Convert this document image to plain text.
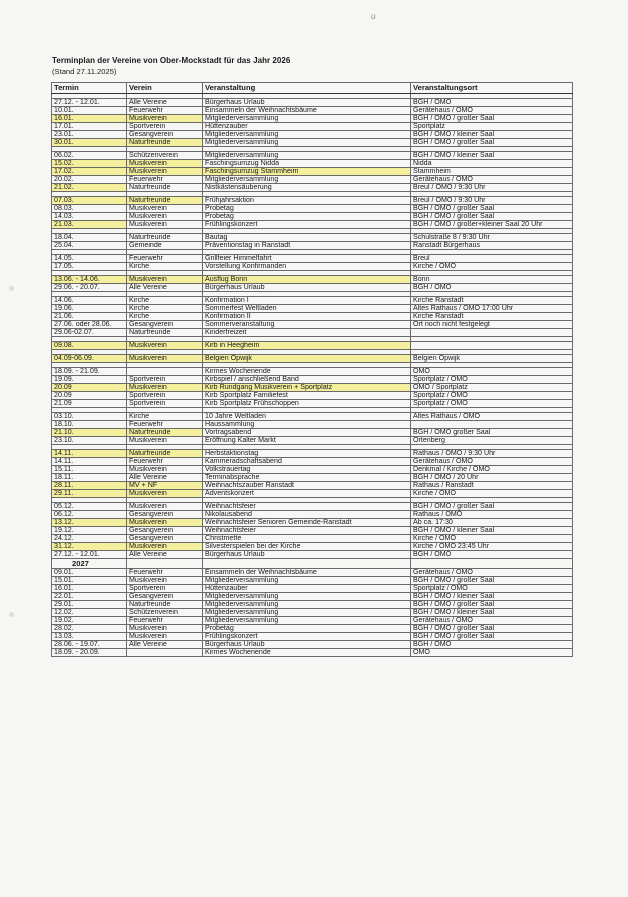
ʊ
Terminplan der Vereine von Ober-Mockstadt für das Jahr 2026
(Stand 27.11.2025)
Termin	Verein	Veranstaltung	Veranstaltungsort

27.12. - 12.01.	Alle Vereine	Bürgerhaus Urlaub	BGH / OMO
10.01.	Feuerwehr	Einsammeln der Weihnachtsbäume	Gerätehaus / OMO
16.01.	Musikverein	Mitgliederversammlung	BGH / OMO / großer Saal
17.01.	Sportverein	Hüttenzauber	Sportplatz
23.01.	Gesangverein	Mitgliederversammlung	BGH / OMO / kleiner Saal
30.01.	Naturfreunde	Mitgliederversammlung	BGH / OMO / großer Saal

06.02.	Schützenverein	Mitgliederversammlung	BGH / OMO / kleiner Saal
15.02.	Musikverein	Faschingsumzug Nidda	Nidda
17.02.	Musikverein	Faschingsumzug Stammheim	Stammheim
20.02.	Feuerwehr	Mitgliederversammlung	Gerätehaus / OMO
21.02.	Naturfreunde	Nistkästensäuberung	Breul / OMO / 9:30 Uhr

07.03.	Naturfreunde	Frühjahrsaktion	Breul / OMO / 9:30 Uhr
08.03.	Musikverein	Probetag	BGH / OMO / großer Saal
14.03.	Musikverein	Probetag	BGH / OMO / großer Saal
21.03.	Musikverein	Frühlingskonzert	BGH / OMO / großer+kleiner Saal 20 Uhr

18.04.	Naturfreunde	Bautag	Schulstraße 8 / 9:30 Uhr
25.04.	Gemeinde	Präventionstag in Ranstadt	Ranstadt Bürgerhaus

14.05.	Feuerwehr	Grillfeier Himmelfahrt	Breul
17.05.	Kirche	Vorstellung Konfirmanden	Kirche / OMO

13.06. - 14.06.	Musikverein	Ausflug Bonn	Bonn
29.06. - 20.07.	Alle Vereine	Bürgerhaus Urlaub	BGH / OMO

14.06.	Kirche	Konfirmation I	Kirche Ranstadt
19.06.	Kirche	Sommerfest Weltladen	Altes Rathaus / OMO 17:00 Uhr
21.06.	Kirche	Konfirmation II	Kirche Ranstadt
27.06. oder 28.06.	Gesangverein	Sommerveranstaltung	Ort noch nicht festgelegt
29.06-02.07.	Naturfreunde	Kinderfreizeit	

09.08.	Musikverein	Kirb in Heegheim	

04.09-06.09.	Musikverein	Belgien Opwijk	Belgien Opwijk

18.09. - 21.09.		Kirmes Wochenende	OMO
19.09.	Sportverein	Kirbspiel / anschließend Band	Sportplatz / OMO
20.09	Musikverein	Kirb Rundgang Musikverein + Sportplatz	OMO / Sportplatz
20.09	Sportverein	Kirb Sportplatz Familiefest	Sportplatz / OMO
21.09	Sportverein	Kirb Sportplatz Frühschoppen	Sportplatz / OMO

03.10.	Kirche	10 Jahre Weltladen	Altes Rathaus / OMO
18.10.	Feuerwehr	Haussammlung	
21.10.	Naturfreunde	Vortragsabend	BGH / OMO großer Saal
23.10.	Musikverein	Eröffnung Kalter Markt	Ortenberg

14.11.	Naturfreunde	Herbstaktionstag	Rathaus / OMO / 9:30 Uhr
14.11.	Feuerwehr	Kammeradschaftsabend	Gerätehaus / OMO
15.11.	Musikverein	Volkstrauertag	Denkmal / Kirche / OMO
18.11.	Alle Vereine	Terminabsprache	BGH / OMO / 20 Uhr
28.11.	MV + NF	Weihnachtszauber Ranstadt	Rathaus / Ranstadt
29.11.	Musikverein	Adventskonzert	Kirche / OMO

05.12.	Musikverein	Weihnachtsfeier	BGH / OMO / großer Saal
06.12.	Gesangverein	Nikolausabend	Rathaus / OMO
13.12.	Musikverein	Weihnachtsfeier Senioren Gemeinde-Ranstadt	Ab ca. 17:30
19.12.	Gesangverein	Weihnachtsfeier	BGH / OMO / kleiner Saal
24.12.	Gesangverein	Christmette	Kirche / OMO
31.12.	Musikverein	Silvesterspielen bei der Kirche	Kirche / OMO 23:45 Uhr
27.12. - 12.01.	Alle Vereine	Bürgerhaus Urlaub	BGH / OMO
2027			
09.01.	Feuerwehr	Einsammeln der Weihnachtsbäume	Gerätehaus / OMO
15.01.	Musikverein	Mitgliederversammlung	BGH / OMO / großer Saal
16.01.	Sportverein	Hüttenzauber	Sportplatz / OMO
22.01.	Gesangverein	Mitgliederversammlung	BGH / OMO / kleiner Saal
29.01.	Naturfreunde	Mitgliederversammlung	BGH / OMO / großer Saal
12.02.	Schützenverein	Mitgliederversammlung	BGH / OMO / kleiner Saal
19.02.	Feuerwehr	Mitgliederversammlung	Gerätehaus / OMO
28.02.	Musikverein	Probetag	BGH / OMO / großer Saal
13.03.	Musikverein	Frühlingskonzert	BGH / OMO / großer Saal
28.06. - 19.07.	Alle Vereine	Bürgerhaus Urlaub	BGH / OMO
18.09. - 20.09.		Kirmes Wochenende	OMO
